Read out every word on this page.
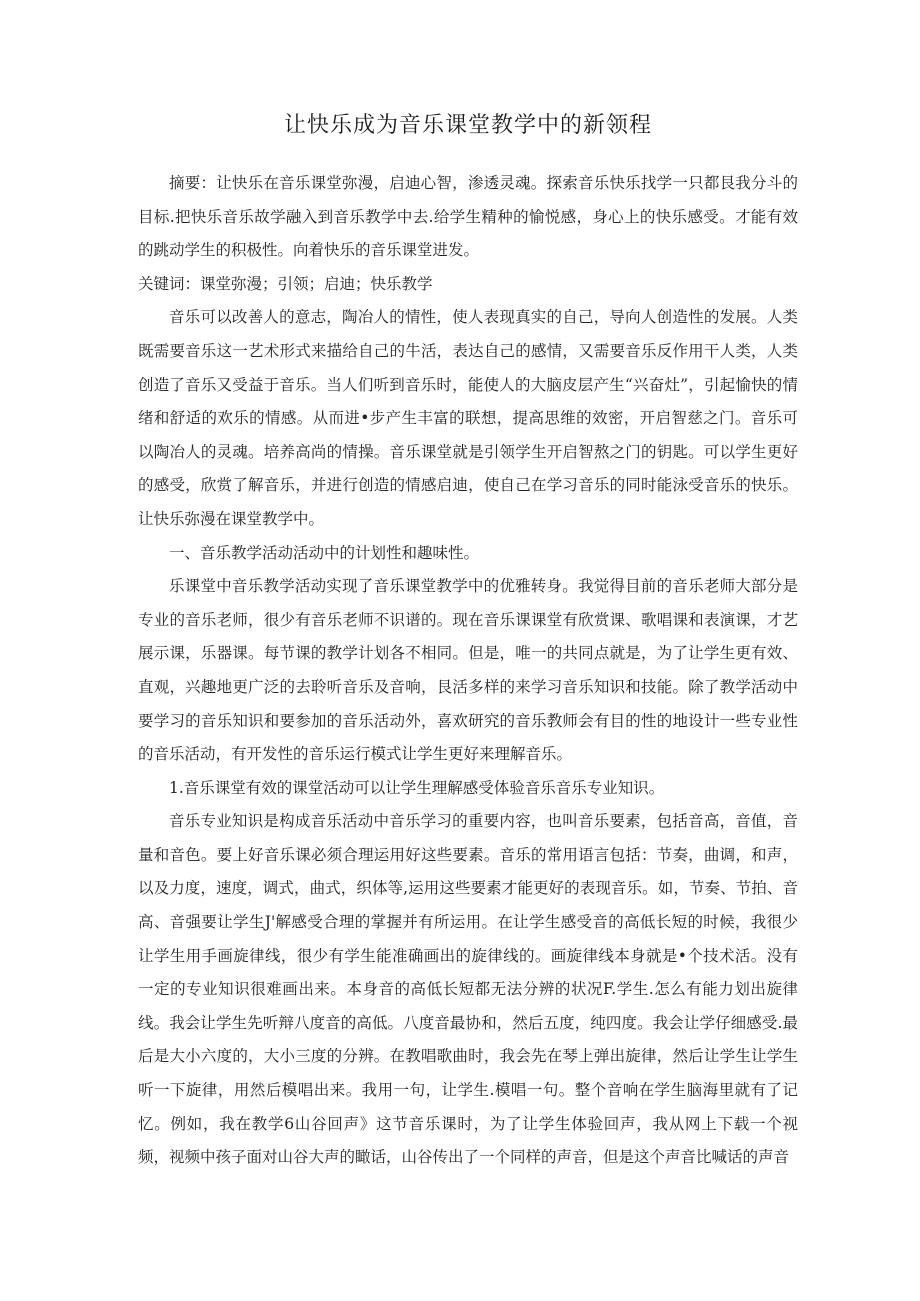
让快乐成为音乐课堂教学中的新领程

摘要：让快乐在音乐课堂弥漫，启迪心智，渗透灵魂。探索音乐快乐找学一只都艮我分斗的目标.把快乐音乐故学融入到音乐教学中去.给学生精种的愉悦感，身心上的快乐感受。才能有效的跳动学生的积极性。向着快乐的音乐课堂进发。

关键词：课堂弥漫；引领；启迪；快乐教学

音乐可以改善人的意志，陶冶人的情性，使人表现真实的自己，导向人创造性的发展。人类既需要音乐这一艺术形式来描给自己的牛活，表达自己的感情，又需要音乐反作用干人类，人类创造了音乐又受益于音乐。当人们听到音乐时，能使人的大脑皮层产生“兴奋灶”，引起愉快的情绪和舒适的欢乐的情感。从而进•步产生丰富的联想，提高思维的效密，开启智慈之门。音乐可以陶冶人的灵魂。培养高尚的情操。音乐课堂就是引领学生开启智熬之门的钥匙。可以学生更好的感受，欣赏了解音乐，并进行创造的情感启迪，使自己在学习音乐的同时能泳受音乐的快乐。让快乐弥漫在课堂教学中。

一、音乐教学活动活动中的计划性和趣味性。

乐课堂中音乐教学活动实现了音乐课堂教学中的优雅转身。我觉得目前的音乐老师大部分是专业的音乐老师，很少有音乐老师不识谱的。现在音乐课课堂有欣赏课、歌唱课和表演课，才艺展示课，乐器课。每节课的教学计划各不相同。但是，唯一的共同点就是，为了让学生更有效、直观，兴趣地更广泛的去聆听音乐及音响，艮活多样的来学习音乐知识和技能。除了教学活动中要学习的音乐知识和要参加的音乐活动外，喜欢研究的音乐教师会有目的性的地设计一些专业性的音乐活动，有开发性的音乐运行模式让学生更好来理解音乐。

1.音乐课堂有效的课堂活动可以让学生理解感受体验音乐音乐专业知识。

音乐专业知识是构成音乐活动中音乐学习的重要内容，也叫音乐要素，包括音高，音值，音量和音色。要上好音乐课必须合理运用好这些要素。音乐的常用语言包括：节奏，曲调，和声，以及力度，速度，调式，曲式，织体等,运用这些要素才能更好的表现音乐。如，节奏、节拍、音高、音强要让学生J'解感受合理的掌握并有所运用。在让学生感受音的高低长短的时候，我很少让学生用手画旋律线，很少有学生能准确画出的旋律线的。画旋律线本身就是•个技术活。没有一定的专业知识很难画出来。本身音的高低长短都无法分辨的状况F.学生.怎么有能力划出旋律线。我会让学生先听辩八度音的高低。八度音最协和，然后五度，纯四度。我会让学仔细感受.最后是大小六度的，大小三度的分辨。在教唱歌曲时，我会先在琴上弹出旋律，然后让学生让学生听一下旋律，用然后模唱出来。我用一句，让学生.模唱一句。整个音响在学生脑海里就有了记忆。例如，我在教学6山谷回声》这节音乐课时，为了让学生体验回声，我从网上下载一个视频，视频中孩子面对山谷大声的瞰话，山谷传出了一个同样的声音，但是这个声音比喊话的声音
